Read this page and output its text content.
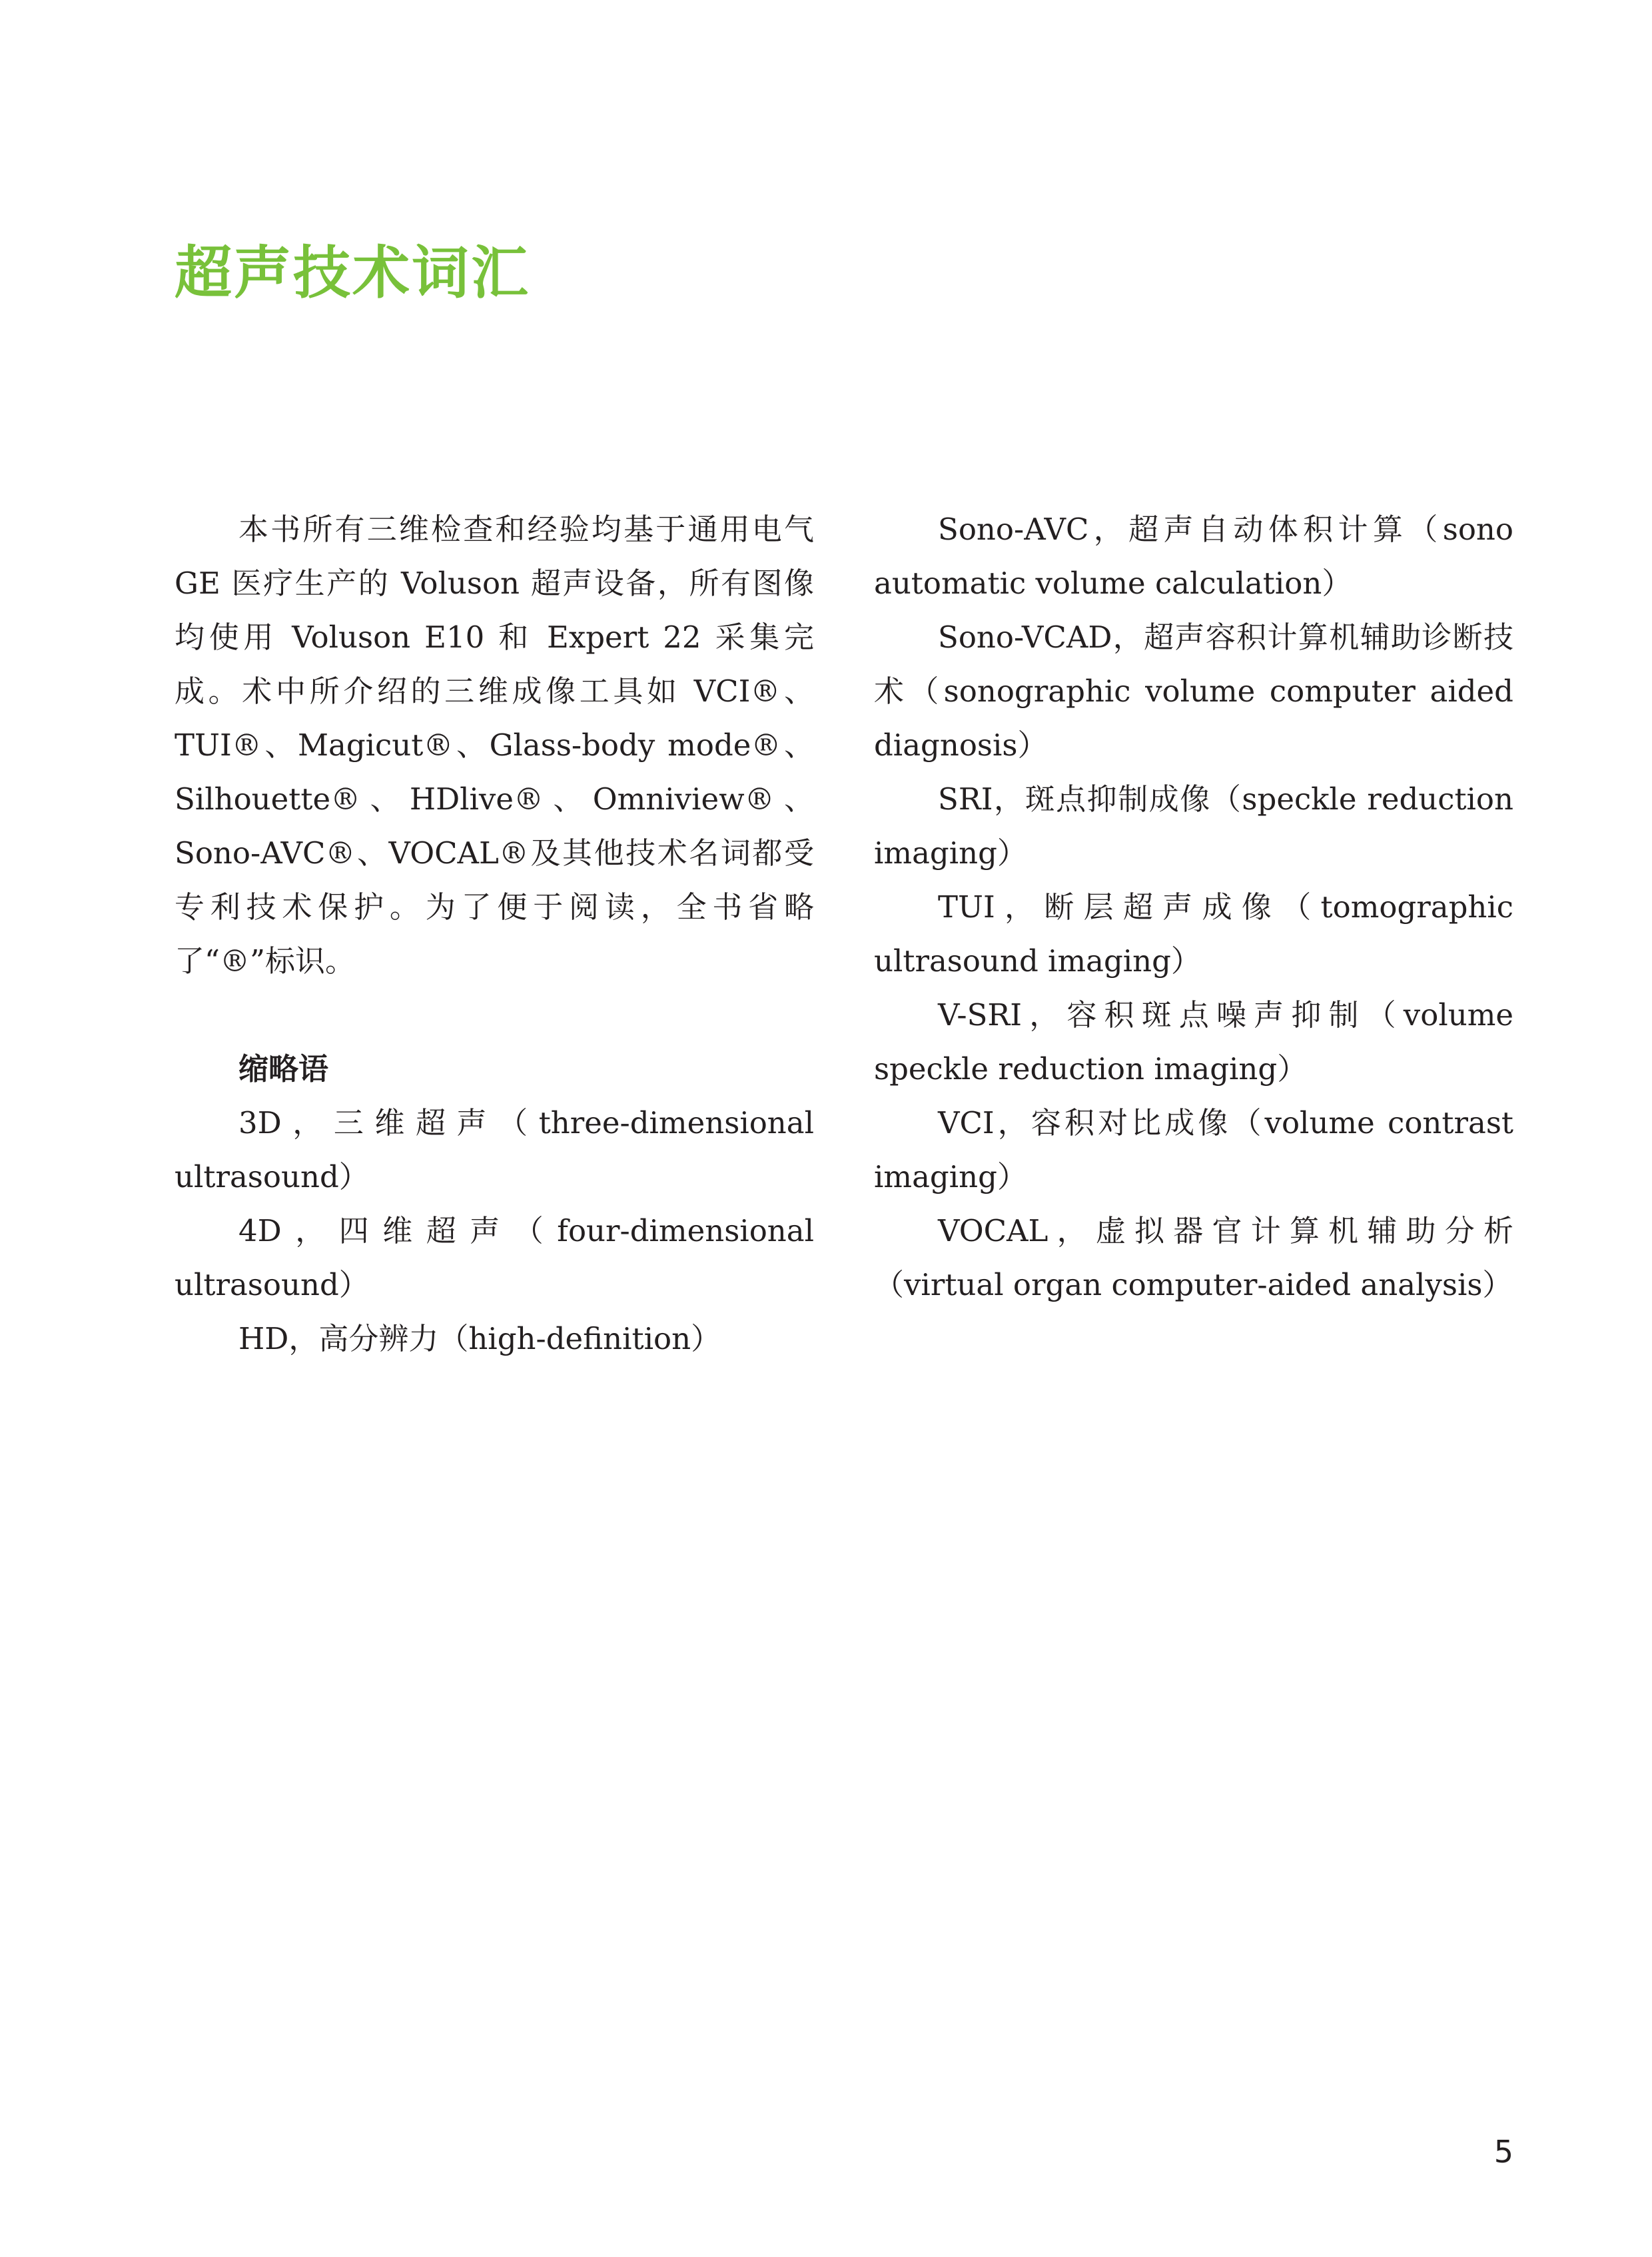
超声技术词汇

本书所有三维检查和经验均基于通用电气 GE 医疗生产的 Voluson 超声设备，所有图像均使用 Voluson E10 和 Expert 22 采集完成。术中所介绍的三维成像工具如 VCI®、TUI®、Magicut®、Glass-body mode®、Silhouette®、HDlive®、Omniview®、Sono-AVC®、VOCAL®及其他技术名词都受专利技术保护。为了便于阅读，全书省略了“®”标识。

缩略语

3D，三维超声（three-dimensional ultrasound）

4D，四维超声（four-dimensional ultrasound）

HD，高分辨力（high-definition）

Sono-AVC，超声自动体积计算（sono automatic volume calculation）

Sono-VCAD，超声容积计算机辅助诊断技术（sonographic volume computer aided diagnosis）

SRI，斑点抑制成像（speckle reduction imaging）

TUI，断层超声成像（tomographic ultrasound imaging）

V-SRI，容积斑点噪声抑制（volume speckle reduction imaging）

VCI，容积对比成像（volume contrast imaging）

VOCAL，虚拟器官计算机辅助分析（virtual organ computer-aided analysis）

5
